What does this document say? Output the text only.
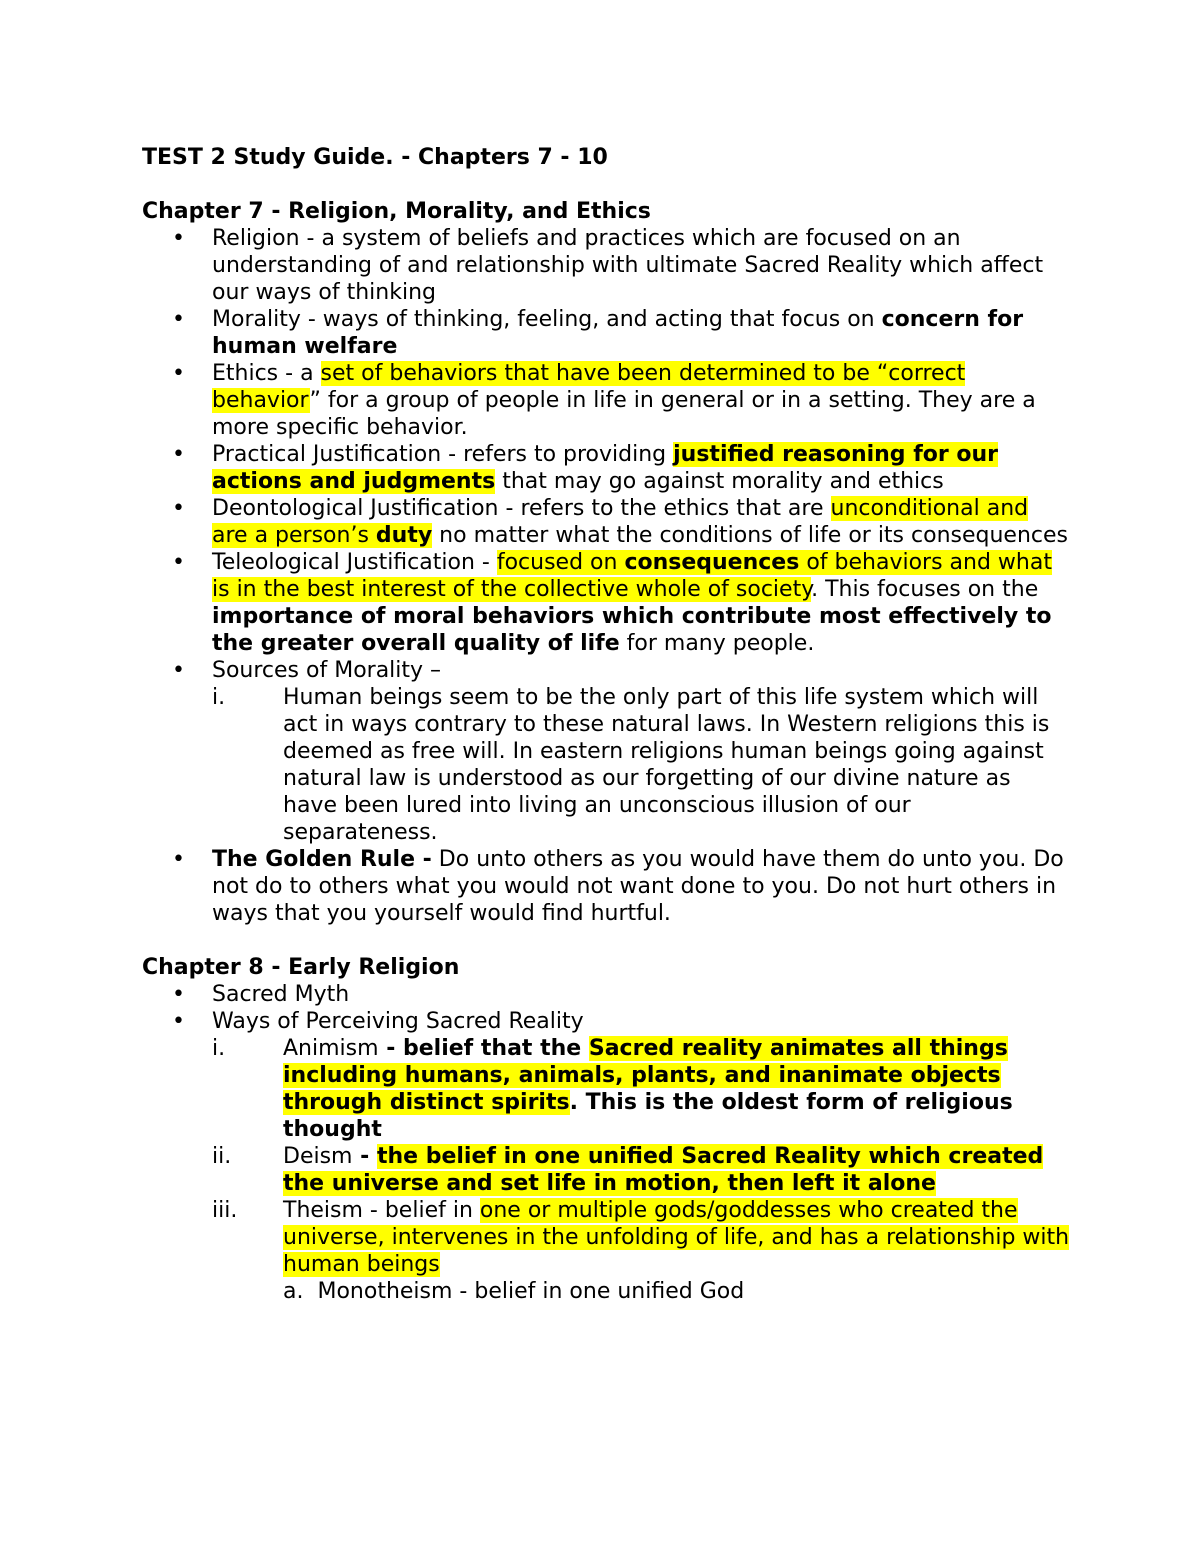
TEST 2 Study Guide. - Chapters 7 - 10
Chapter 7 - Religion, Morality, and Ethics
• Religion - a system of beliefs and practices which are focused on an understanding of and relationship with ultimate Sacred Reality which affect our ways of thinking
• Morality - ways of thinking, feeling, and acting that focus on concern for human welfare
• Ethics - a set of behaviors that have been determined to be “correct behavior” for a group of people in life in general or in a setting. They are a more specific behavior.
• Practical Justification - refers to providing justified reasoning for our actions and judgments that may go against morality and ethics
• Deontological Justification - refers to the ethics that are unconditional and are a person’s duty no matter what the conditions of life or its consequences
• Teleological Justification - focused on consequences of behaviors and what is in the best interest of the collective whole of society. This focuses on the importance of moral behaviors which contribute most effectively to the greater overall quality of life for many people.
• Sources of Morality –
i.	Human beings seem to be the only part of this life system which will act in ways contrary to these natural laws. In Western religions this is deemed as free will. In eastern religions human beings going against natural law is understood as our forgetting of our divine nature as have been lured into living an unconscious illusion of our separateness.
• The Golden Rule - Do unto others as you would have them do unto you. Do not do to others what you would not want done to you. Do not hurt others in ways that you yourself would find hurtful.
Chapter 8 - Early Religion
• Sacred Myth
• Ways of Perceiving Sacred Reality
i.	Animism - belief that the Sacred reality animates all things including humans, animals, plants, and inanimate objects through distinct spirits. This is the oldest form of religious thought
ii. Deism - the belief in one unified Sacred Reality which created the universe and set life in motion, then left it alone
iii. Theism - belief in one or multiple gods/goddesses who created the universe, intervenes in the unfolding of life, and has a relationship with human beings
a. Monotheism - belief in one unified God
